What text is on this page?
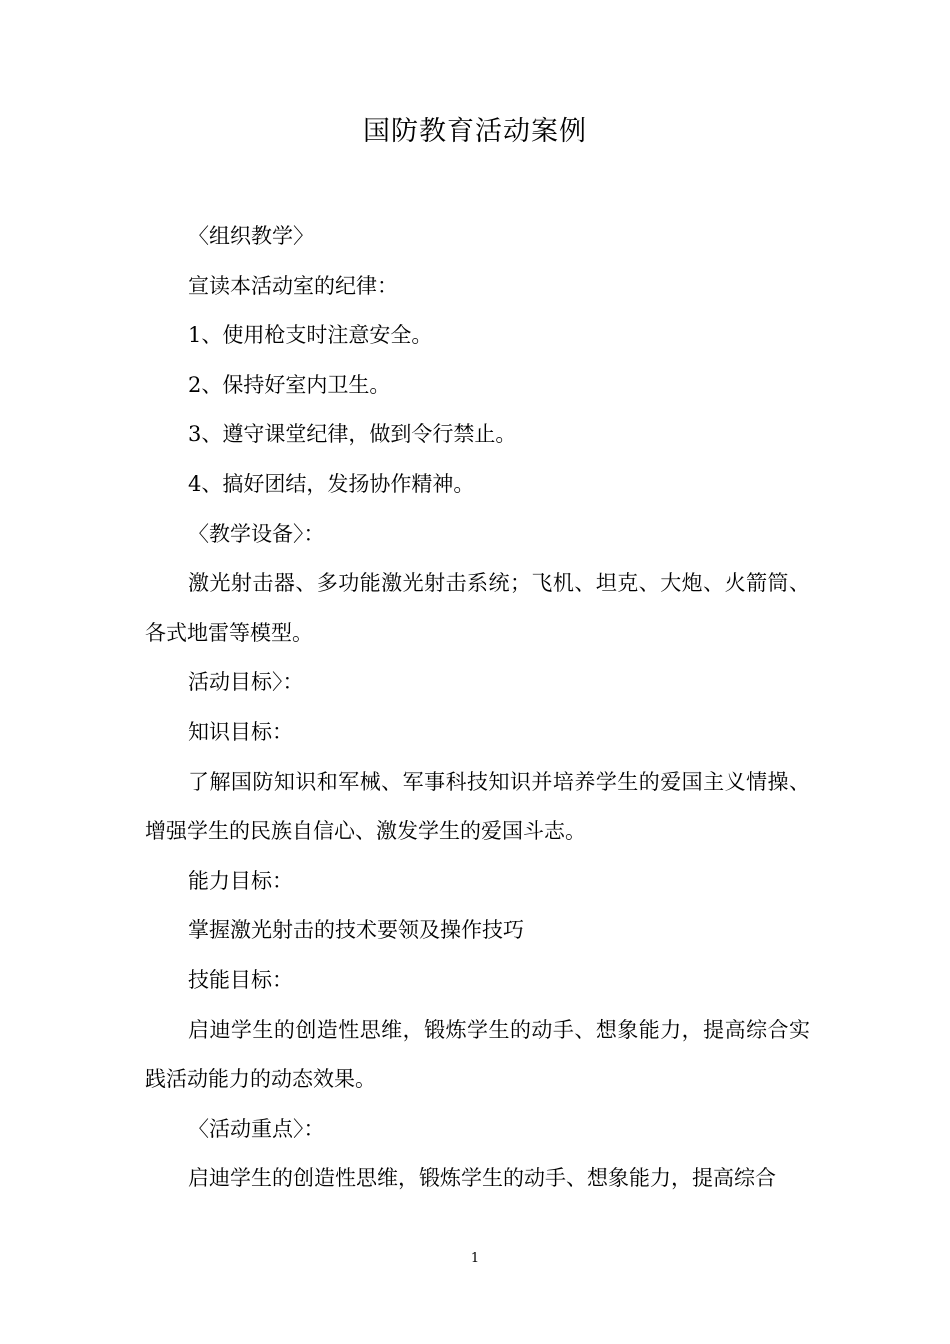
国防教育活动案例

〈组织教学〉

宣读本活动室的纪律：

1、使用枪支时注意安全。

2、保持好室内卫生。

3、遵守课堂纪律，做到令行禁止。

4、搞好团结，发扬协作精神。

〈教学设备〉：

激光射击器、多功能激光射击系统；飞机、坦克、大炮、火箭筒、各式地雷等模型。

活动目标〉：

知识目标：

了解国防知识和军械、军事科技知识并培养学生的爱国主义情操、增强学生的民族自信心、激发学生的爱国斗志。

能力目标：

掌握激光射击的技术要领及操作技巧

技能目标：

启迪学生的创造性思维，锻炼学生的动手、想象能力，提高综合实践活动能力的动态效果。

〈活动重点〉：

启迪学生的创造性思维，锻炼学生的动手、想象能力，提高综合

1
